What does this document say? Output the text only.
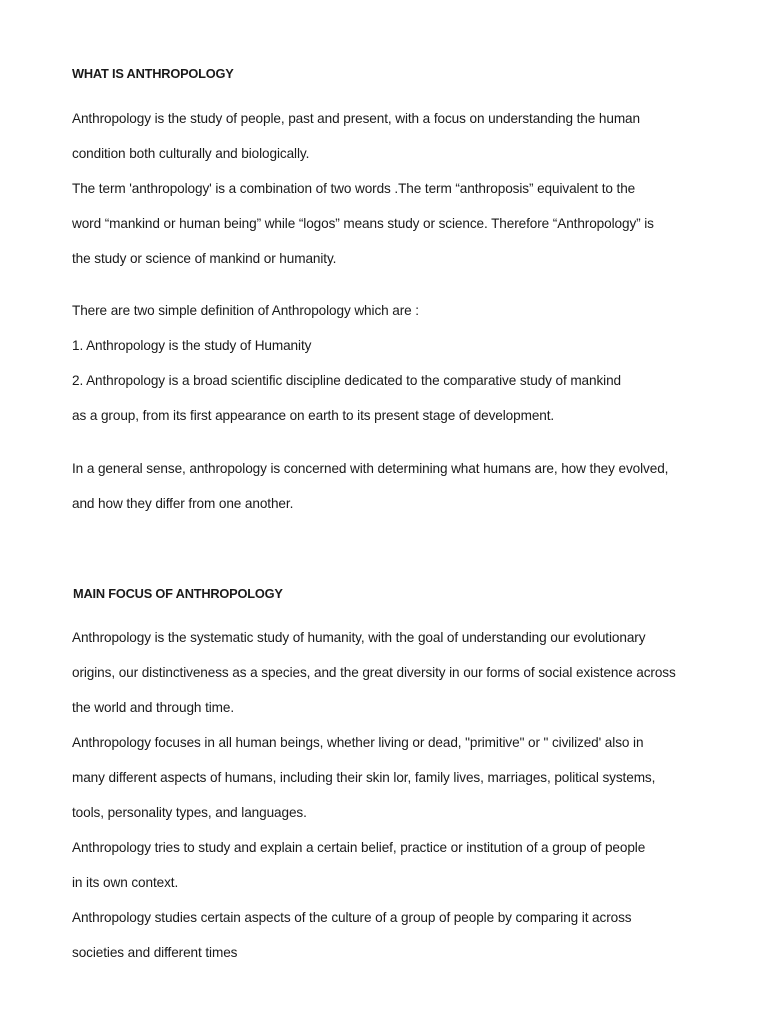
WHAT IS ANTHROPOLOGY
Anthropology is the study of people, past and present, with a focus on understanding the human
condition both culturally and biologically.
The term 'anthropology' is a combination of two words .The term “anthroposis” equivalent to the
word “mankind or human being” while “logos” means study or science. Therefore “Anthropology” is
the study or science of mankind or humanity.
There are two simple definition of Anthropology which are :
1. Anthropology is the study of Humanity
2. Anthropology is a broad scientific discipline dedicated to the comparative study of mankind
as a group, from its first appearance on earth to its present stage of development.
In a general sense, anthropology is concerned with determining what humans are, how they evolved,
and how they differ from one another.
MAIN FOCUS OF ANTHROPOLOGY
Anthropology is the systematic study of humanity, with the goal of understanding our evolutionary
origins, our distinctiveness as a species, and the great diversity in our forms of social existence across
the world and through time.
Anthropology focuses in all human beings, whether living or dead, "primitive" or " civilized' also in
many different aspects of humans, including their skin lor, family lives, marriages, political systems,
tools, personality types, and languages.
Anthropology tries to study and explain a certain belief, practice or institution of a group of people
in its own context.
Anthropology studies certain aspects of the culture of a group of people by comparing it across
societies and different times
